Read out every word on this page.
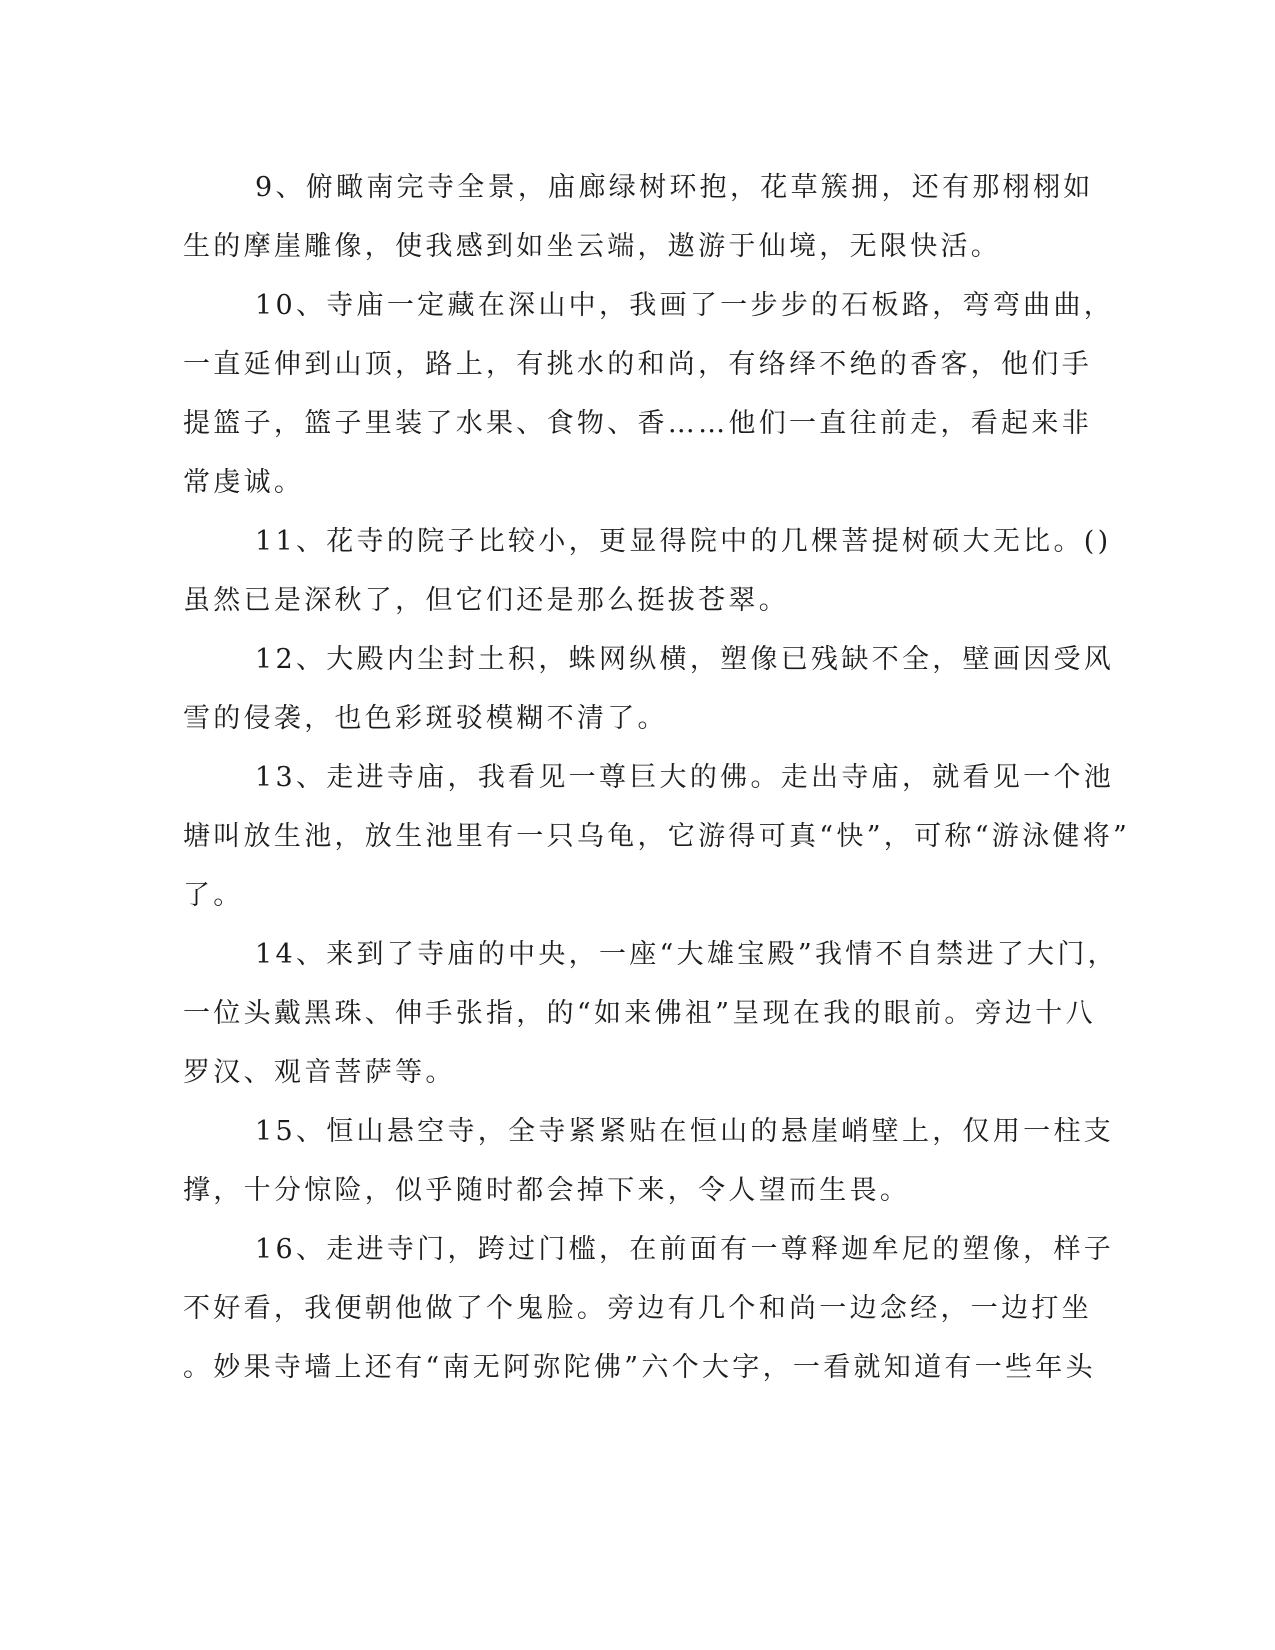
9、俯瞰南完寺全景，庙廊绿树环抱，花草簇拥，还有那栩栩如
生的摩崖雕像，使我感到如坐云端，遨游于仙境，无限快活。
10、寺庙一定藏在深山中，我画了一步步的石板路，弯弯曲曲，
一直延伸到山顶，路上，有挑水的和尚，有络绎不绝的香客，他们手
提篮子，篮子里装了水果、食物、香……他们一直往前走，看起来非
常虔诚。
11、花寺的院子比较小，更显得院中的几棵菩提树硕大无比。()
虽然已是深秋了，但它们还是那么挺拔苍翠。
12、大殿内尘封土积，蛛网纵横，塑像已残缺不全，壁画因受风
雪的侵袭，也色彩斑驳模糊不清了。
13、走进寺庙，我看见一尊巨大的佛。走出寺庙，就看见一个池
塘叫放生池，放生池里有一只乌龟，它游得可真“快”，可称“游泳健将”
了。
14、来到了寺庙的中央，一座“大雄宝殿”我情不自禁进了大门，
一位头戴黑珠、伸手张指，的“如来佛祖”呈现在我的眼前。旁边十八
罗汉、观音菩萨等。
15、恒山悬空寺，全寺紧紧贴在恒山的悬崖峭壁上，仅用一柱支
撑，十分惊险，似乎随时都会掉下来，令人望而生畏。
16、走进寺门，跨过门槛，在前面有一尊释迦牟尼的塑像，样子
不好看，我便朝他做了个鬼脸。旁边有几个和尚一边念经，一边打坐
。妙果寺墙上还有“南无阿弥陀佛”六个大字，一看就知道有一些年头
